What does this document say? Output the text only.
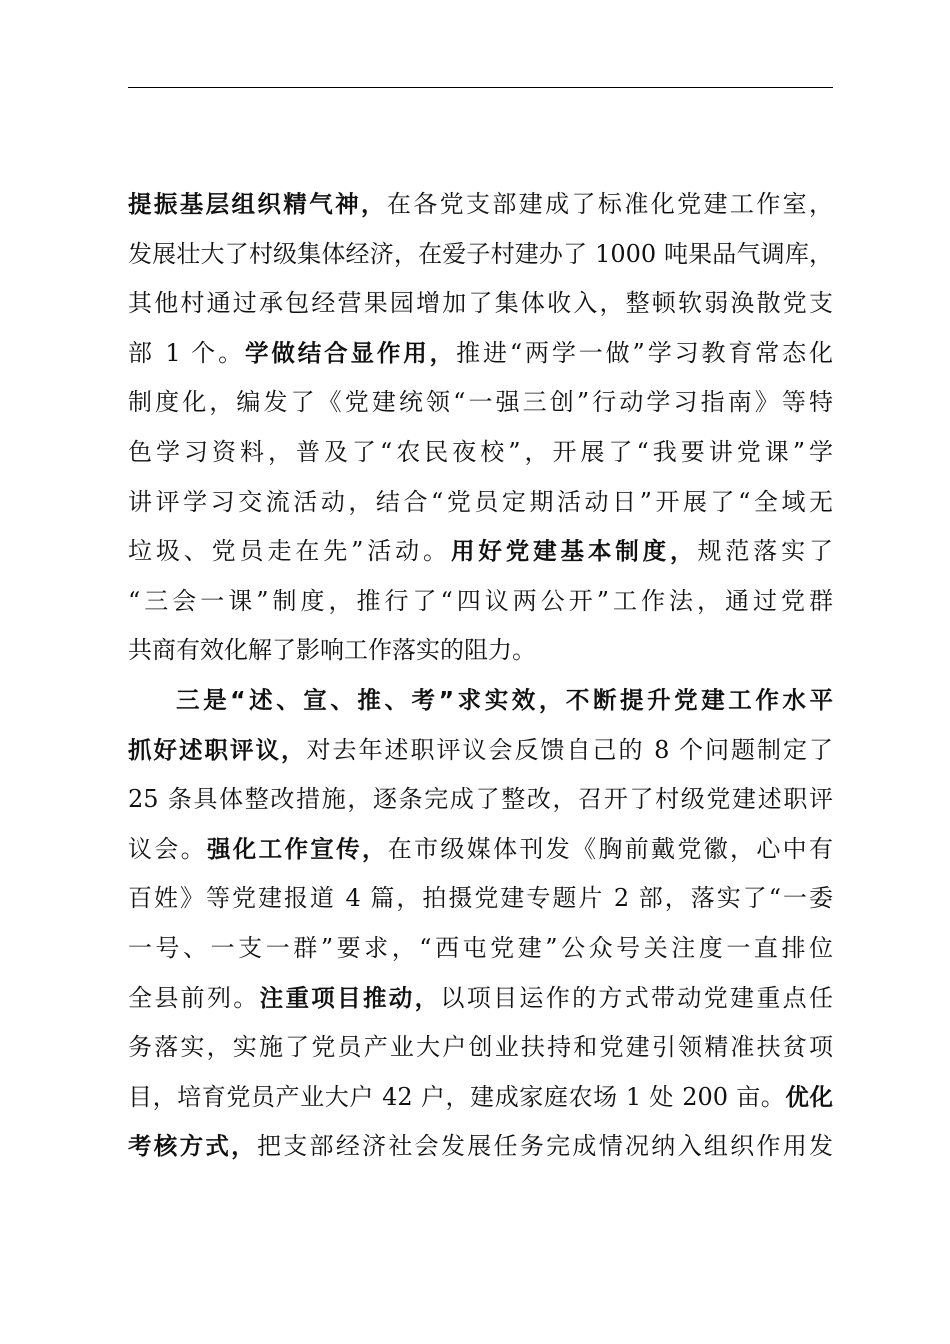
提振基层组织精气神，在各党支部建成了标准化党建工作室，
发展壮大了村级集体经济，在爱子村建办了 1000 吨果品气调库，
其他村通过承包经营果园增加了集体收入，整顿软弱涣散党支
部 1 个。学做结合显作用，推进“两学一做”学习教育常态化
制度化，编发了《党建统领“一强三创”行动学习指南》等特
色学习资料，普及了“农民夜校”，开展了“我要讲党课”学
讲评学习交流活动，结合“党员定期活动日”开展了“全域无
垃圾、党员走在先”活动。用好党建基本制度，规范落实了
“三会一课”制度，推行了“四议两公开”工作法，通过党群
共商有效化解了影响工作落实的阻力。
三是“述、宣、推、考”求实效，不断提升党建工作水平
抓好述职评议，对去年述职评议会反馈自己的 8 个问题制定了
25 条具体整改措施，逐条完成了整改，召开了村级党建述职评
议会。强化工作宣传，在市级媒体刊发《胸前戴党徽，心中有
百姓》等党建报道 4 篇，拍摄党建专题片 2 部，落实了“一委
一号、一支一群”要求，“西屯党建”公众号关注度一直排位
全县前列。注重项目推动，以项目运作的方式带动党建重点任
务落实，实施了党员产业大户创业扶持和党建引领精准扶贫项
目，培育党员产业大户 42 户，建成家庭农场 1 处 200 亩。优化
考核方式，把支部经济社会发展任务完成情况纳入组织作用发
